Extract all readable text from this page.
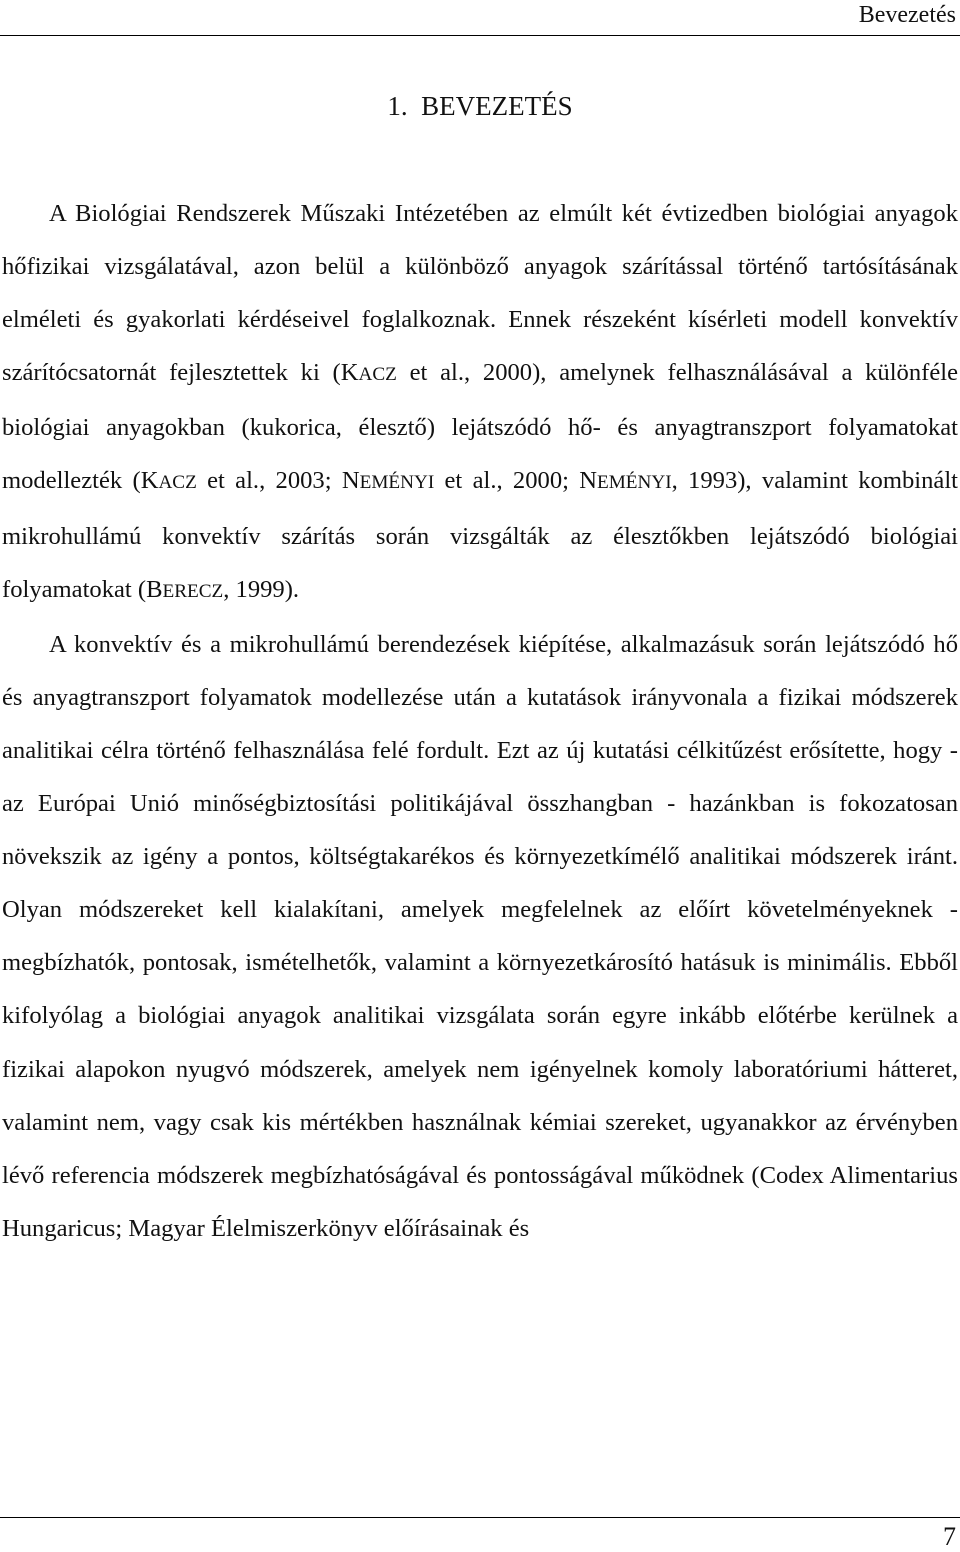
Bevezetés
1. BEVEZETÉS

A Biológiai Rendszerek Műszaki Intézetében az elmúlt két évtizedben biológiai anyagok hőfizikai vizsgálatával, azon belül a különböző anyagok szárítással történő tartósításának elméleti és gyakorlati kérdéseivel foglalkoznak. Ennek részeként kísérleti modell konvektív szárítócsatornát fejlesztettek ki (KACZ et al., 2000), amelynek felhasználásával a különféle biológiai anyagokban (kukorica, élesztő) lejátszódó hő- és anyagtranszport folyamatokat modellezték (KACZ et al., 2003; NEMÉNYI et al., 2000; NEMÉNYI, 1993), valamint kombinált mikrohullámú konvektív szárítás során vizsgálták az élesztőkben lejátszódó biológiai folyamatokat (BERECZ, 1999).

A konvektív és a mikrohullámú berendezések kiépítése, alkalmazásuk során lejátszódó hő és anyagtranszport folyamatok modellezése után a kutatások irányvonala a fizikai módszerek analitikai célra történő felhasználása felé fordult. Ezt az új kutatási célkitűzést erősítette, hogy - az Európai Unió minőségbiztosítási politikájával összhangban - hazánkban is fokozatosan növekszik az igény a pontos, költségtakarékos és környezetkímélő analitikai módszerek iránt. Olyan módszereket kell kialakítani, amelyek megfelelnek az előírt követelményeknek - megbízhatók, pontosak, ismételhetők, valamint a környezetkárosító hatásuk is minimális. Ebből kifolyólag a biológiai anyagok analitikai vizsgálata során egyre inkább előtérbe kerülnek a fizikai alapokon nyugvó módszerek, amelyek nem igényelnek komoly laboratóriumi hátteret, valamint nem, vagy csak kis mértékben használnak kémiai szereket, ugyanakkor az érvényben lévő referencia módszerek megbízhatóságával és pontosságával működnek (Codex Alimentarius Hungaricus; Magyar Élelmiszerkönyv előírásainak és

7
